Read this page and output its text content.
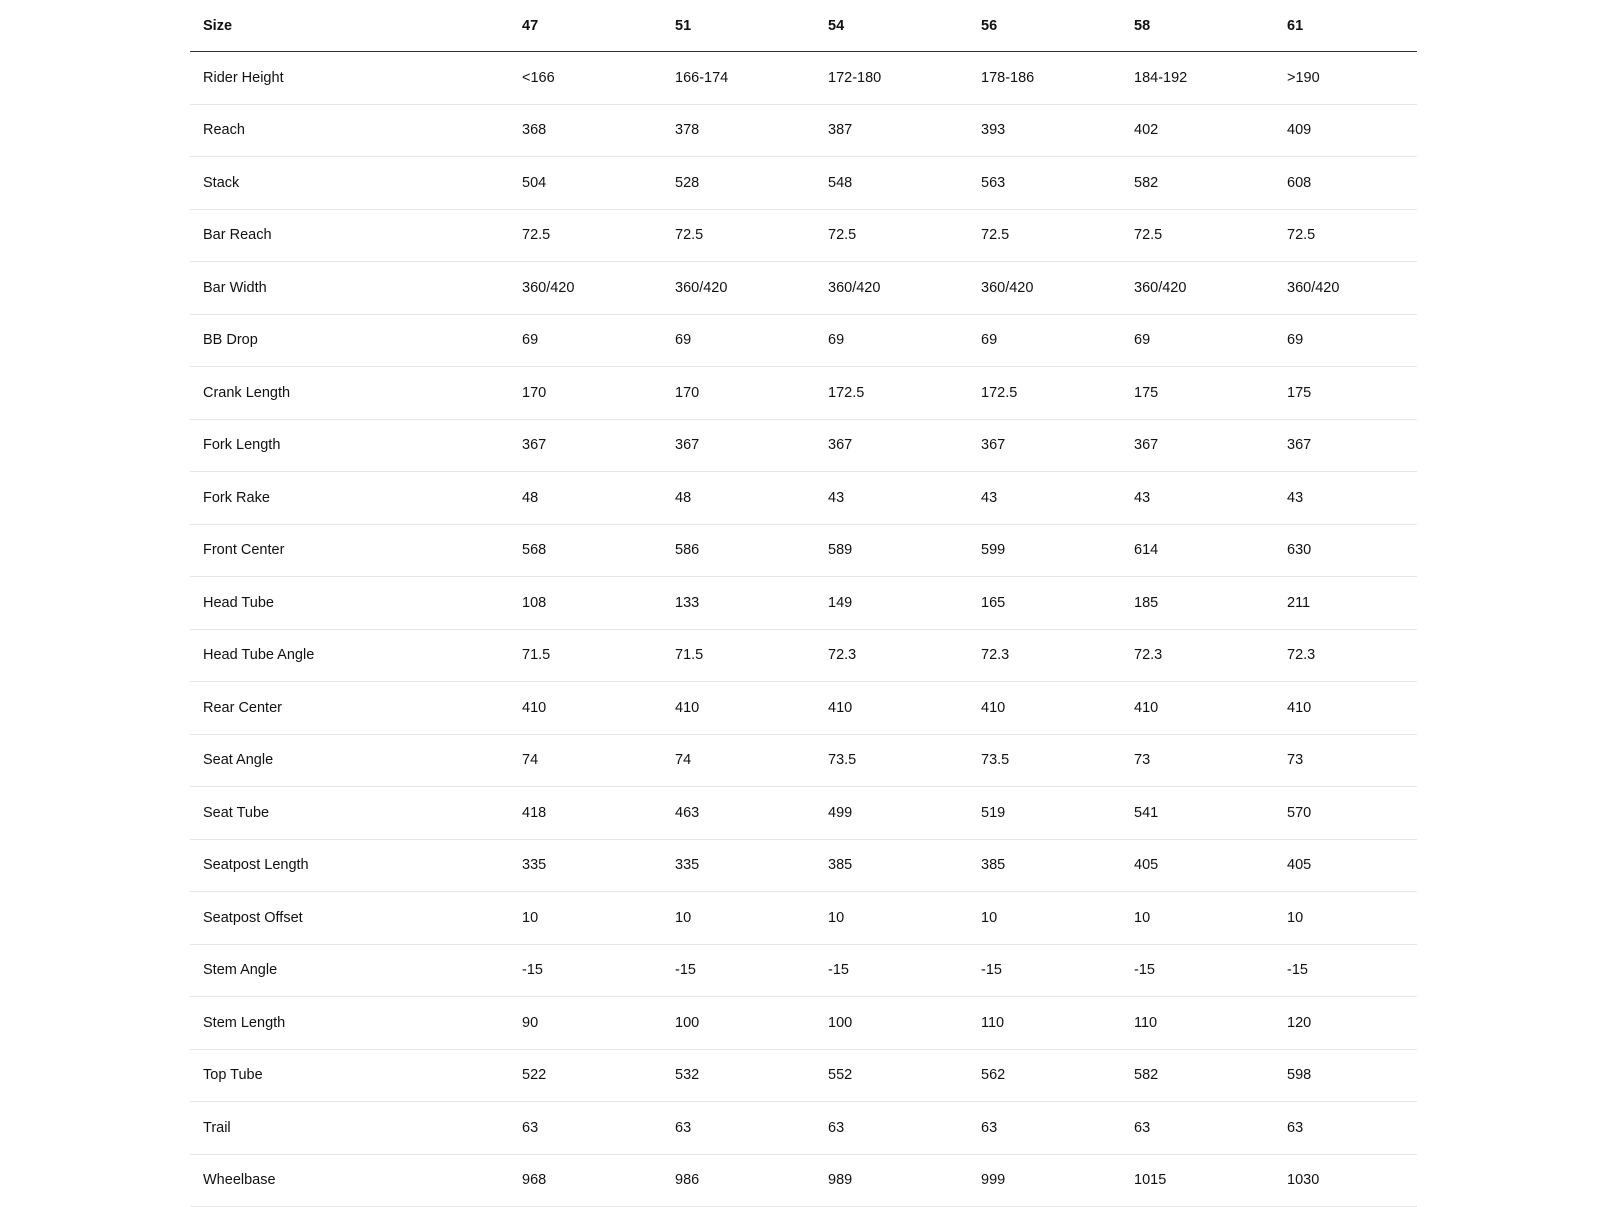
Size	47	51	54	56	58	61
Rider Height	<166	166-174	172-180	178-186	184-192	>190
Reach	368	378	387	393	402	409
Stack	504	528	548	563	582	608
Bar Reach	72.5	72.5	72.5	72.5	72.5	72.5
Bar Width	360/420	360/420	360/420	360/420	360/420	360/420
BB Drop	69	69	69	69	69	69
Crank Length	170	170	172.5	172.5	175	175
Fork Length	367	367	367	367	367	367
Fork Rake	48	48	43	43	43	43
Front Center	568	586	589	599	614	630
Head Tube	108	133	149	165	185	211
Head Tube Angle	71.5	71.5	72.3	72.3	72.3	72.3
Rear Center	410	410	410	410	410	410
Seat Angle	74	74	73.5	73.5	73	73
Seat Tube	418	463	499	519	541	570
Seatpost Length	335	335	385	385	405	405
Seatpost Offset	10	10	10	10	10	10
Stem Angle	-15	-15	-15	-15	-15	-15
Stem Length	90	100	100	110	110	120
Top Tube	522	532	552	562	582	598
Trail	63	63	63	63	63	63
Wheelbase	968	986	989	999	1015	1030
